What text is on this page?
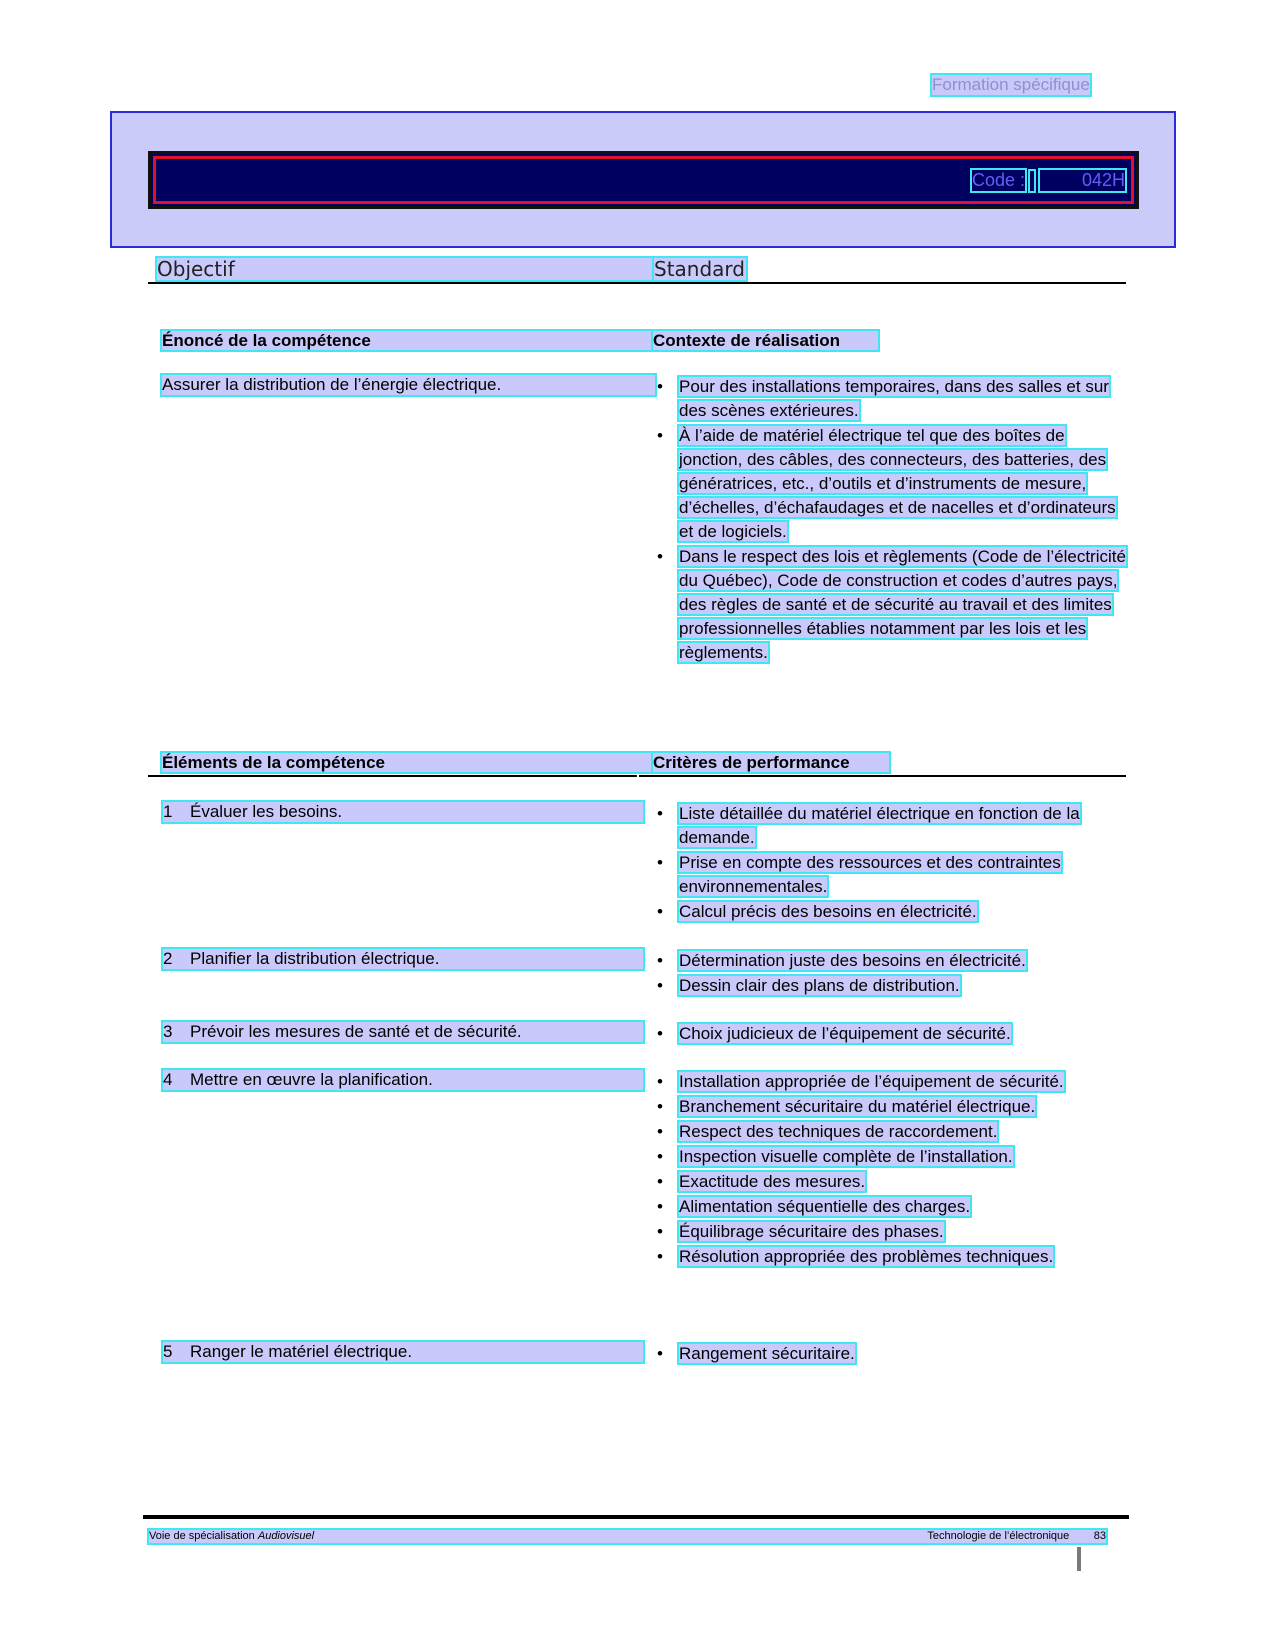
Formation spécifique
Code :	042H
Objectif	Standard
Énoncé de la compétence	Contexte de réalisation
Assurer la distribution de l’énergie électrique.	• Pour des installations temporaires, dans des salles et sur des scènes extérieures.
• À l’aide de matériel électrique tel que des boîtes de jonction, des câbles, des connecteurs, des batteries, des génératrices, etc., d’outils et d’instruments de mesure, d’échelles, d’échafaudages et de nacelles et d’ordinateurs et de logiciels.
• Dans le respect des lois et règlements (Code de l’électricité du Québec), Code de construction et codes d’autres pays, des règles de santé et de sécurité au travail et des limites professionnelles établies notamment par les lois et les règlements.
Éléments de la compétence	Critères de performance
1 Évaluer les besoins.	• Liste détaillée du matériel électrique en fonction de la demande.
• Prise en compte des ressources et des contraintes environnementales.
• Calcul précis des besoins en électricité.
2 Planifier la distribution électrique.	• Détermination juste des besoins en électricité.
• Dessin clair des plans de distribution.
3 Prévoir les mesures de santé et de sécurité.	• Choix judicieux de l’équipement de sécurité.
4 Mettre en œuvre la planification.	• Installation appropriée de l’équipement de sécurité.
• Branchement sécuritaire du matériel électrique.
• Respect des techniques de raccordement.
• Inspection visuelle complète de l’installation.
• Exactitude des mesures.
• Alimentation séquentielle des charges.
• Équilibrage sécuritaire des phases.
• Résolution appropriée des problèmes techniques.
5 Ranger le matériel électrique.	• Rangement sécuritaire.
Voie de spécialisation Audiovisuel	Technologie de l’électronique 83
